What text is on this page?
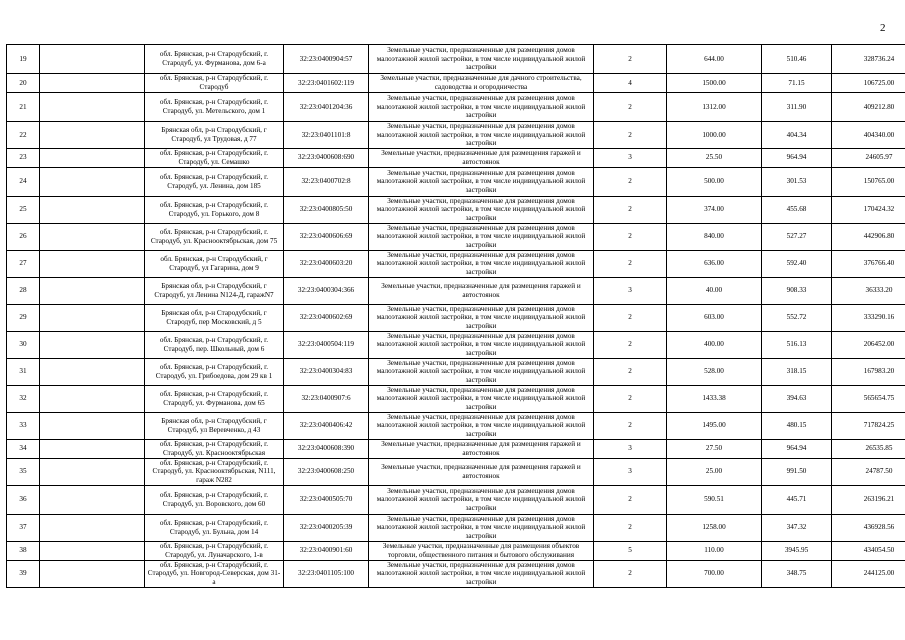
2
19		обл. Брянская, р-н Стародубский, г. Стародуб, ул. Фурманова, дом 6-а	32:23:0400904:57	Земельные участки, предназначенные для размещения домов малоэтажной жилой застройки, в том числе индивидуальной жилой застройки	2	644.00	510.46	328736.24
20		обл. Брянская, р-н Стародубский, г. Стародуб	32:23:0401602:119	Земельные участки, предназначенные для дачного строительства, садоводства и огородничества	4	1500.00	71.15	106725.00
21		обл. Брянская, р-н Стародубский, г. Стародуб, ул. Метельского, дом 1	32:23:0401204:36	Земельные участки, предназначенные для размещения домов малоэтажной жилой застройки, в том числе индивидуальной жилой застройки	2	1312.00	311.90	409212.80
22		Брянская обл, р-н Стародубский, г Стародуб, ул Трудовая, д 77	32:23:0401101:8	Земельные участки, предназначенные для размещения домов малоэтажной жилой застройки, в том числе индивидуальной жилой застройки	2	1000.00	404.34	404340.00
23		обл. Брянская, р-н Стародубский, г. Стародуб, ул. Семашко	32:23:0400608:690	Земельные участки, предназначенные для размещения гаражей и автостоянок	3	25.50	964.94	24605.97
24		обл. Брянская, р-н Стародубский, г. Стародуб, ул. Ленина, дом 185	32:23:0400702:8	Земельные участки, предназначенные для размещения домов малоэтажной жилой застройки, в том числе индивидуальной жилой застройки	2	500.00	301.53	150765.00
25		обл. Брянская, р-н Стародубский, г. Стародуб, ул. Горького, дом 8	32:23:0400805:50	Земельные участки, предназначенные для размещения домов малоэтажной жилой застройки, в том числе индивидуальной жилой застройки	2	374.00	455.68	170424.32
26		обл. Брянская, р-н Стародубский, г. Стародуб, ул. Краснооктябрьская, дом 75	32:23:0400606:69	Земельные участки, предназначенные для размещения домов малоэтажной жилой застройки, в том числе индивидуальной жилой застройки	2	840.00	527.27	442906.80
27		обл. Брянская, р-н Стародубский, г Стародуб, ул Гагарина, дом 9	32:23:0400603:20	Земельные участки, предназначенные для размещения домов малоэтажной жилой застройки, в том числе индивидуальной жилой застройки	2	636.00	592.40	376766.40
28		Брянская обл, р-н Стародубский, г Стародуб, ул Ленина N124-Д, гаражN7	32:23:0400304:366	Земельные участки, предназначенные для размещения гаражей и автостоянок	3	40.00	908.33	36333.20
29		Брянская обл, р-н Стародубский, г Стародуб, пер Московский, д 5	32:23:0400602:69	Земельные участки, предназначенные для размещения домов малоэтажной жилой застройки, в том числе индивидуальной жилой застройки	2	603.00	552.72	333290.16
30		обл. Брянская, р-н Стародубский, г. Стародуб, пер. Школьный, дом 6	32:23:0400504:119	Земельные участки, предназначенные для размещения домов малоэтажной жилой застройки, в том числе индивидуальной жилой застройки	2	400.00	516.13	206452.00
31		обл. Брянская, р-н Стародубский, г. Стародуб, ул. Грибоедова, дом 29 кв 1	32:23:0400304:83	Земельные участки, предназначенные для размещения домов малоэтажной жилой застройки, в том числе индивидуальной жилой застройки	2	528.00	318.15	167983.20
32		обл. Брянская, р-н Стародубский, г. Стародуб, ул. Фурманова, дом 65	32:23:0400907:6	Земельные участки, предназначенные для размещения домов малоэтажной жилой застройки, в том числе индивидуальной жилой застройки	2	1433.38	394.63	565654.75
33		Брянская обл, р-н Стародубский, г Стародуб, ул Веревченко, д 43	32:23:0400406:42	Земельные участки, предназначенные для размещения домов малоэтажной жилой застройки, в том числе индивидуальной жилой застройки	2	1495.00	480.15	717824.25
34		обл. Брянская, р-н Стародубский, г. Стародуб, ул. Краснооктябрьская	32:23:0400608:390	Земельные участки, предназначенные для размещения гаражей и автостоянок	3	27.50	964.94	26535.85
35		обл. Брянская, р-н Стародубский, г. Стародуб, ул. Краснооктябрьская, N111, гараж N282	32:23:0400608:250	Земельные участки, предназначенные для размещения гаражей и автостоянок	3	25.00	991.50	24787.50
36		обл. Брянская, р-н Стародубский, г. Стародуб, ул. Воровского, дом 60	32:23:0400505:70	Земельные участки, предназначенные для размещения домов малоэтажной жилой застройки, в том числе индивидуальной жилой застройки	2	590.51	445.71	263196.21
37		обл. Брянская, р-н Стародубский, г. Стародуб, ул. Бульна, дом 14	32:23:0400205:39	Земельные участки, предназначенные для размещения домов малоэтажной жилой застройки, в том числе индивидуальной жилой застройки	2	1258.00	347.32	436928.56
38		обл. Брянская, р-н Стародубский, г. Стародуб, ул. Луначарского, 1-в	32:23:0400901:60	Земельные участки, предназначенные для размещения объектов торговли, общественного питания и бытового обслуживания	5	110.00	3945.95	434054.50
39		обл. Брянская, р-н Стародубский, г. Стародуб, ул. Новгород-Северская, дом 31-а	32:23:0401105:100	Земельные участки, предназначенные для размещения домов малоэтажной жилой застройки, в том числе индивидуальной жилой застройки	2	700.00	348.75	244125.00
